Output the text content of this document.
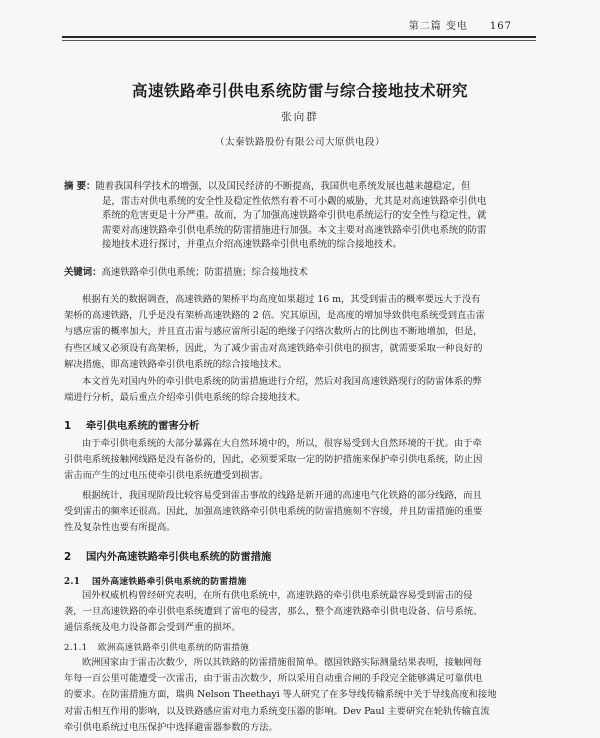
第二篇 变电 167
高速铁路牵引供电系统防雷与综合接地技术研究
张向群
（太秦铁路股份有限公司大原供电段）
摘 要：随着我国科学技术的增强，以及国民经济的不断提高，我国供电系统发展也越来越稳定，但
是，雷击对供电系统的安全性及稳定性依然有着不可小觑的威胁，尤其是对高速铁路牵引供电
系统的危害更是十分严重。故而，为了加强高速铁路牵引供电系统运行的安全性与稳定性，就
需要对高速铁路牵引供电系统的防雷措施进行加强。本文主要对高速铁路牵引供电系统的防雷
接地技术进行探讨，并重点介绍高速铁路牵引供电系统的综合接地技术。
关键词：高速铁路牵引供电系统；防雷措施；综合接地技术
根据有关的数据调查，高速铁路的架桥平均高度如果超过 16 m，其受到雷击的概率要远大于没有
架桥的高速铁路，几乎是没有架桥高速铁路的 2 倍。究其原因，是高度的增加导致供电系统受到直击雷
与感应雷的概率加大，并且直击雷与感应雷所引起的绝缘子闪络次数所占的比例也不断地增加，但是，
有些区域又必须设有高架桥，因此，为了减少雷击对高速铁路牵引供电的损害，就需要采取一种良好的
解决措施，即高速铁路牵引供电系统的综合接地技术。
本文首先对国内外的牵引供电系统的防雷措施进行介绍，然后对我国高速铁路现行的防雷体系的弊
端进行分析，最后重点介绍牵引供电系统的综合接地技术。
1 牵引供电系统的雷害分析
由于牵引供电系统的大部分暴露在大自然环境中的，所以，很容易受到大自然环境的干扰。由于牵
引供电系统接触网线路是没有备份的，因此，必须要采取一定的防护措施来保护牵引供电系统，防止因
雷击而产生的过电压使牵引供电系统遭受到损害。
根据统计，我国现阶段比较容易受到雷击事故的线路是新开通的高速电气化铁路的部分线路，而且
受到雷击的频率还很高。因此，加强高速铁路牵引供电系统的防雷措施刻不容缓，并且防雷措施的重要
性及复杂性也要有所提高。
2 国内外高速铁路牵引供电系统的防雷措施
2.1 国外高速铁路牵引供电系统的防雷措施
国外权威机构曾经研究表明，在所有供电系统中，高速铁路的牵引供电系统最容易受到雷击的侵
袭，一旦高速铁路的牵引供电系统遭到了雷电的侵害，那么，整个高速铁路牵引供电设备、信号系统、
通信系统及电力设备都会受到严重的损坏。
2.1.1 欧洲高速铁路牵引供电系统的防雷措施
欧洲国家由于雷击次数少，所以其铁路的防雷措施很简单。德国铁路实际测量结果表明，接触网每
年每一百公里可能遭受一次雷击，由于雷击次数少，所以采用自动重合闸的手段完全能够满足可靠供电
的要求。在防雷措施方面，瑞典 Nelson Theethayi 等人研究了在多导线传输系统中关于导线高度和接地
对雷击相互作用的影响，以及铁路感应雷对电力系统变压器的影响。Dev Paul 主要研究在轮轨传输直流
牵引供电系统过电压保护中选择避雷器参数的方法。
